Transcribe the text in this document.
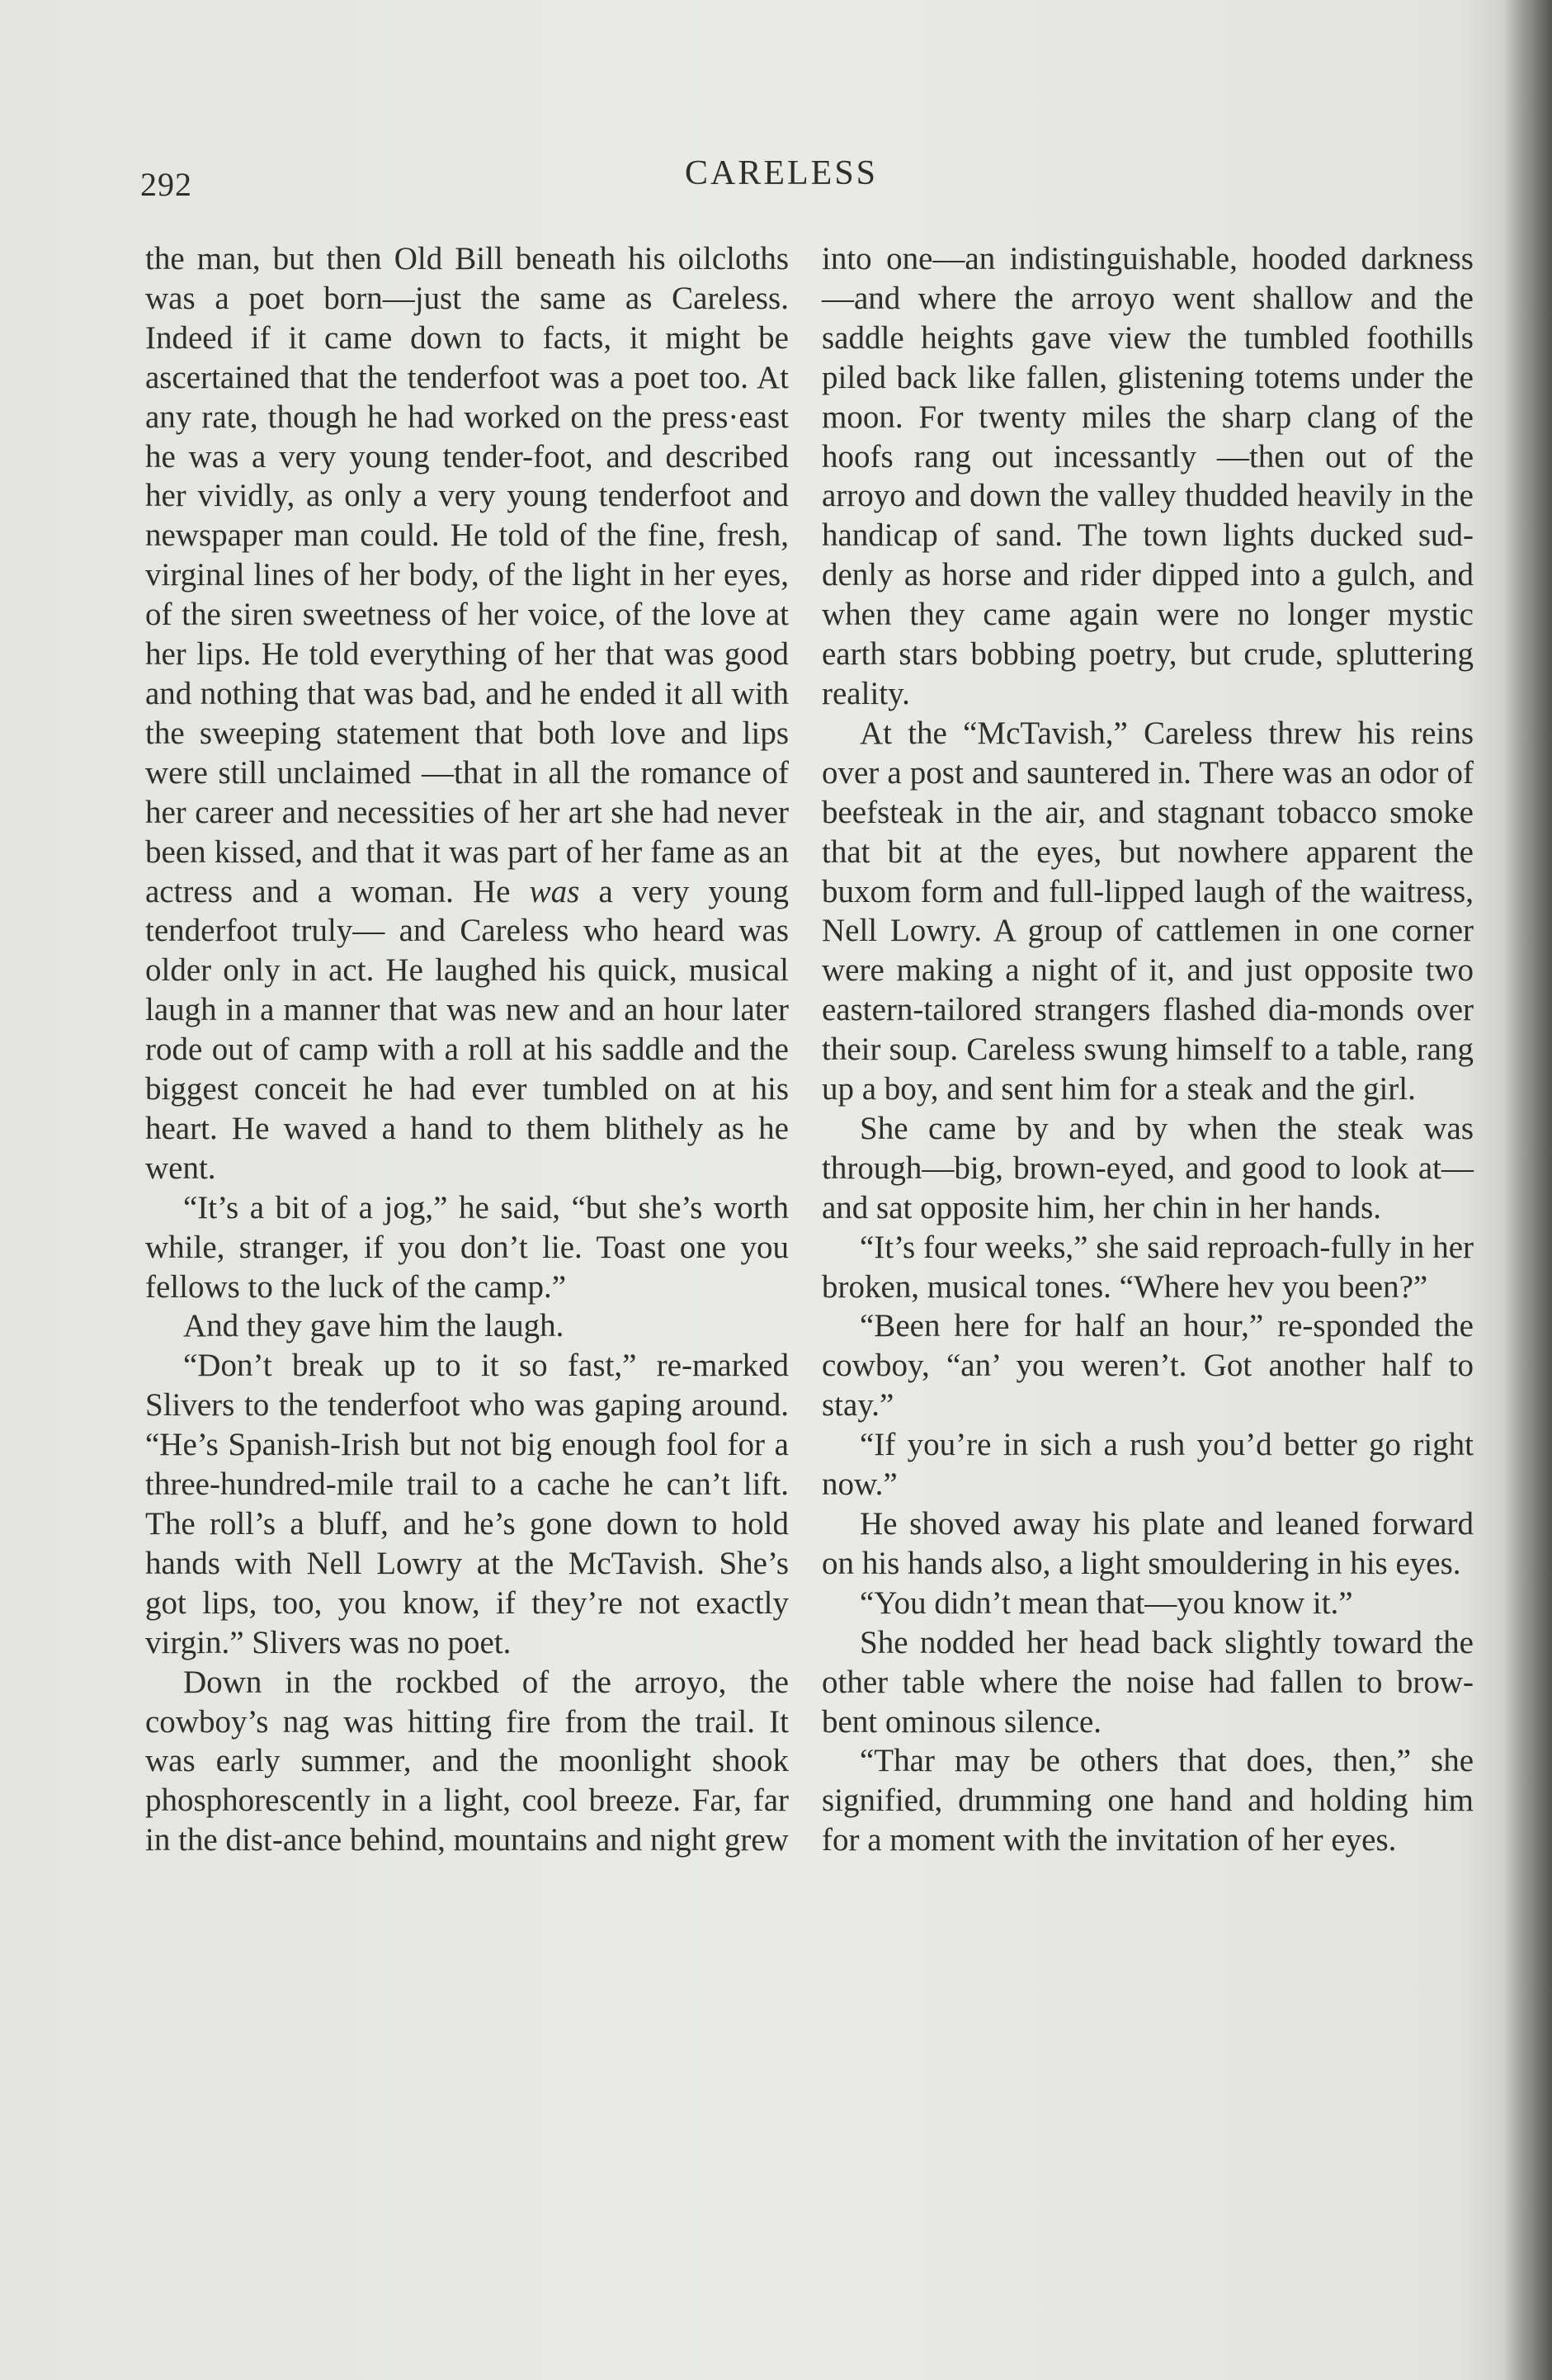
292	CARELESS

the man, but then Old Bill beneath his oilcloths was a poet born—just the same as Careless. Indeed if it came down to facts, it might be ascertained that the tenderfoot was a poet too. At any rate, though he had worked on the press·east he was a very young tender-foot, and described her vividly, as only a very young tenderfoot and newspaper man could. He told of the fine, fresh, virginal lines of her body, of the light in her eyes, of the siren sweetness of her voice, of the love at her lips. He told everything of her that was good and nothing that was bad, and he ended it all with the sweeping statement that both love and lips were still unclaimed —that in all the romance of her career and necessities of her art she had never been kissed, and that it was part of her fame as an actress and a woman. He was a very young tenderfoot truly— and Careless who heard was older only in act. He laughed his quick, musical laugh in a manner that was new and an hour later rode out of camp with a roll at his saddle and the biggest conceit he had ever tumbled on at his heart. He waved a hand to them blithely as he went.

“It’s a bit of a jog,” he said, “but she’s worth while, stranger, if you don’t lie. Toast one you fellows to the luck of the camp.”

And they gave him the laugh.

“Don’t break up to it so fast,” re-marked Slivers to the tenderfoot who was gaping around. “He’s Spanish-Irish but not big enough fool for a three-hundred-mile trail to a cache he can’t lift. The roll’s a bluff, and he’s gone down to hold hands with Nell Lowry at the McTavish. She’s got lips, too, you know, if they’re not exactly virgin.” Slivers was no poet.

Down in the rockbed of the arroyo, the cowboy’s nag was hitting fire from the trail. It was early summer, and the moonlight shook phosphorescently in a light, cool breeze. Far, far in the dist-ance behind, mountains and night grew

into one—an indistinguishable, hooded darkness—and where the arroyo went shallow and the saddle heights gave view the tumbled foothills piled back like fallen, glistening totems under the moon. For twenty miles the sharp clang of the hoofs rang out incessantly —then out of the arroyo and down the valley thudded heavily in the handicap of sand. The town lights ducked sud-denly as horse and rider dipped into a gulch, and when they came again were no longer mystic earth stars bobbing poetry, but crude, spluttering reality.

At the “McTavish,” Careless threw his reins over a post and sauntered in. There was an odor of beefsteak in the air, and stagnant tobacco smoke that bit at the eyes, but nowhere apparent the buxom form and full-lipped laugh of the waitress, Nell Lowry. A group of cattlemen in one corner were making a night of it, and just opposite two eastern-tailored strangers flashed dia-monds over their soup. Careless swung himself to a table, rang up a boy, and sent him for a steak and the girl.

She came by and by when the steak was through—big, brown-eyed, and good to look at—and sat opposite him, her chin in her hands.

“It’s four weeks,” she said reproach-fully in her broken, musical tones. “Where hev you been?”

“Been here for half an hour,” re-sponded the cowboy, “an’ you weren’t. Got another half to stay.”

“If you’re in sich a rush you’d better go right now.”

He shoved away his plate and leaned forward on his hands also, a light smouldering in his eyes.

“You didn’t mean that—you know it.”

She nodded her head back slightly toward the other table where the noise had fallen to brow-bent ominous silence.

“Thar may be others that does, then,” she signified, drumming one hand and holding him for a moment with the invitation of her eyes.
